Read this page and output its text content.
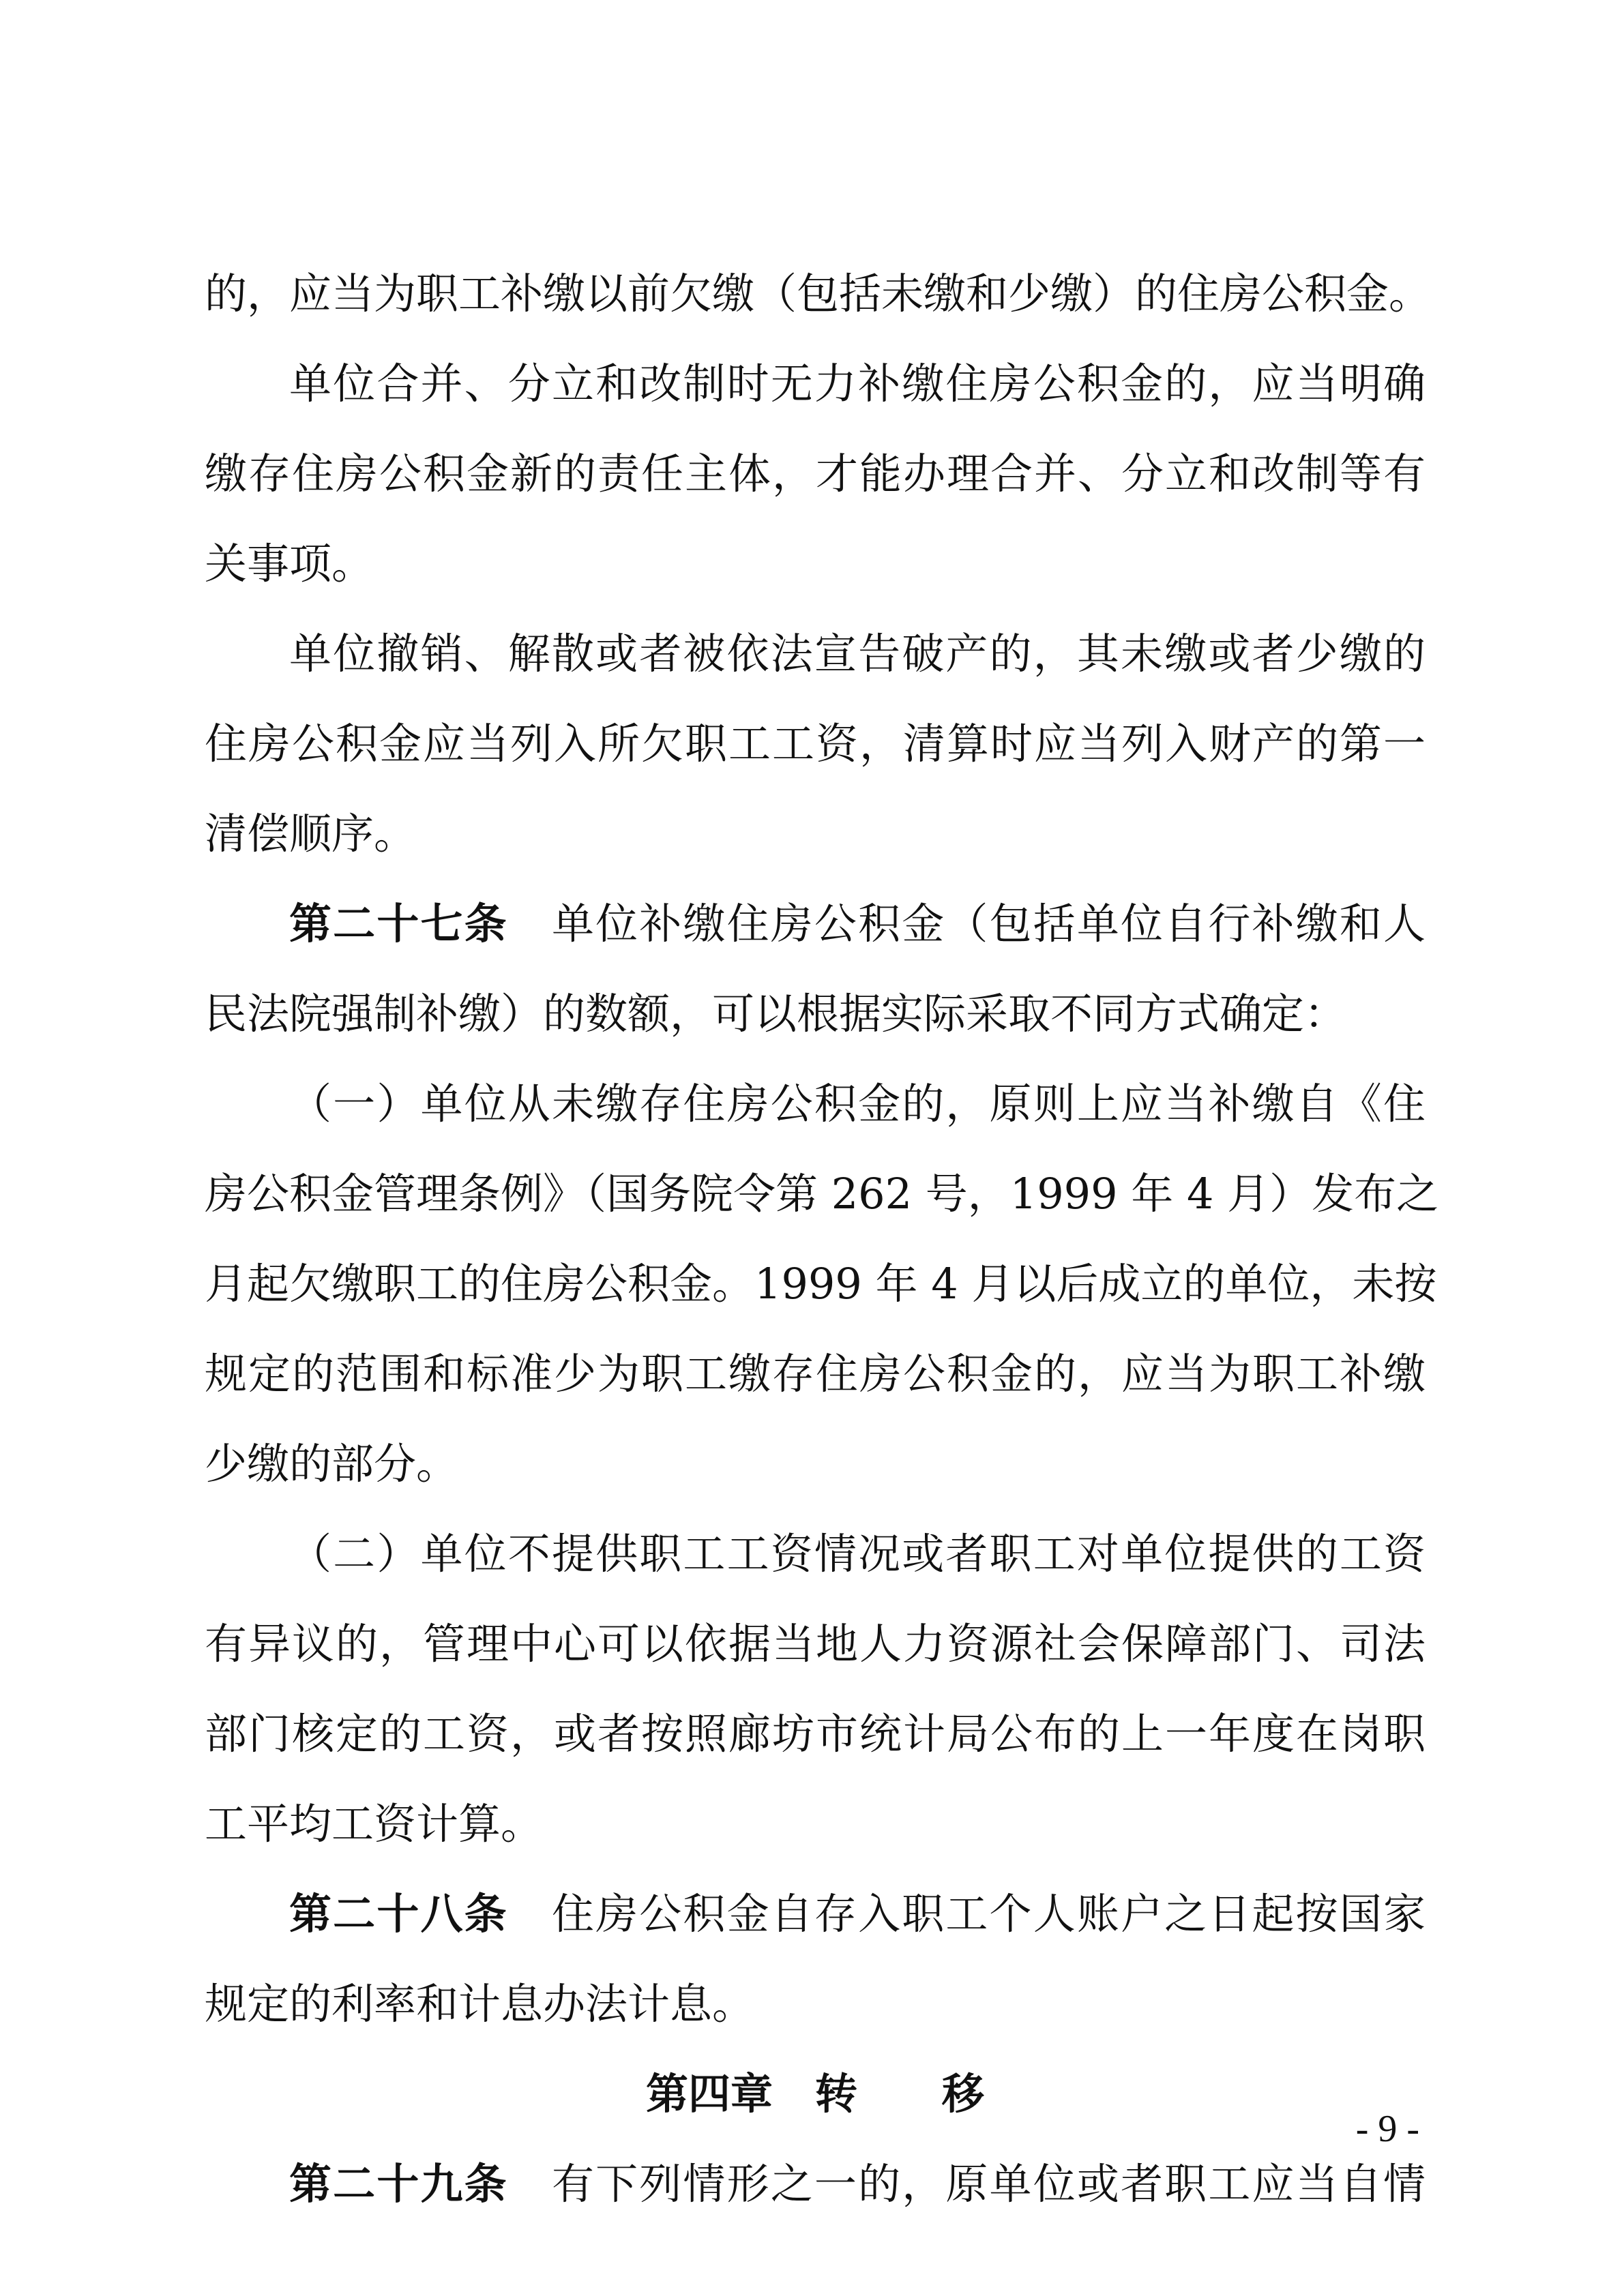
的，应当为职工补缴以前欠缴（包括未缴和少缴）的住房公积金。
单位合并、分立和改制时无力补缴住房公积金的，应当明确
缴存住房公积金新的责任主体，才能办理合并、分立和改制等有
关事项。
单位撤销、解散或者被依法宣告破产的，其未缴或者少缴的
住房公积金应当列入所欠职工工资，清算时应当列入财产的第一
清偿顺序。
第二十七条  单位补缴住房公积金（包括单位自行补缴和人
民法院强制补缴）的数额，可以根据实际采取不同方式确定：
（一）单位从未缴存住房公积金的，原则上应当补缴自《住
房公积金管理条例》（国务院令第 262 号，1999 年 4 月）发布之
月起欠缴职工的住房公积金。1999 年 4 月以后成立的单位，未按
规定的范围和标准少为职工缴存住房公积金的，应当为职工补缴
少缴的部分。
（二）单位不提供职工工资情况或者职工对单位提供的工资
有异议的，管理中心可以依据当地人力资源社会保障部门、司法
部门核定的工资，或者按照廊坊市统计局公布的上一年度在岗职
工平均工资计算。
第二十八条  住房公积金自存入职工个人账户之日起按国家
规定的利率和计息办法计息。
第四章　转　　移
第二十九条  有下列情形之一的，原单位或者职工应当自情
- 9 -
